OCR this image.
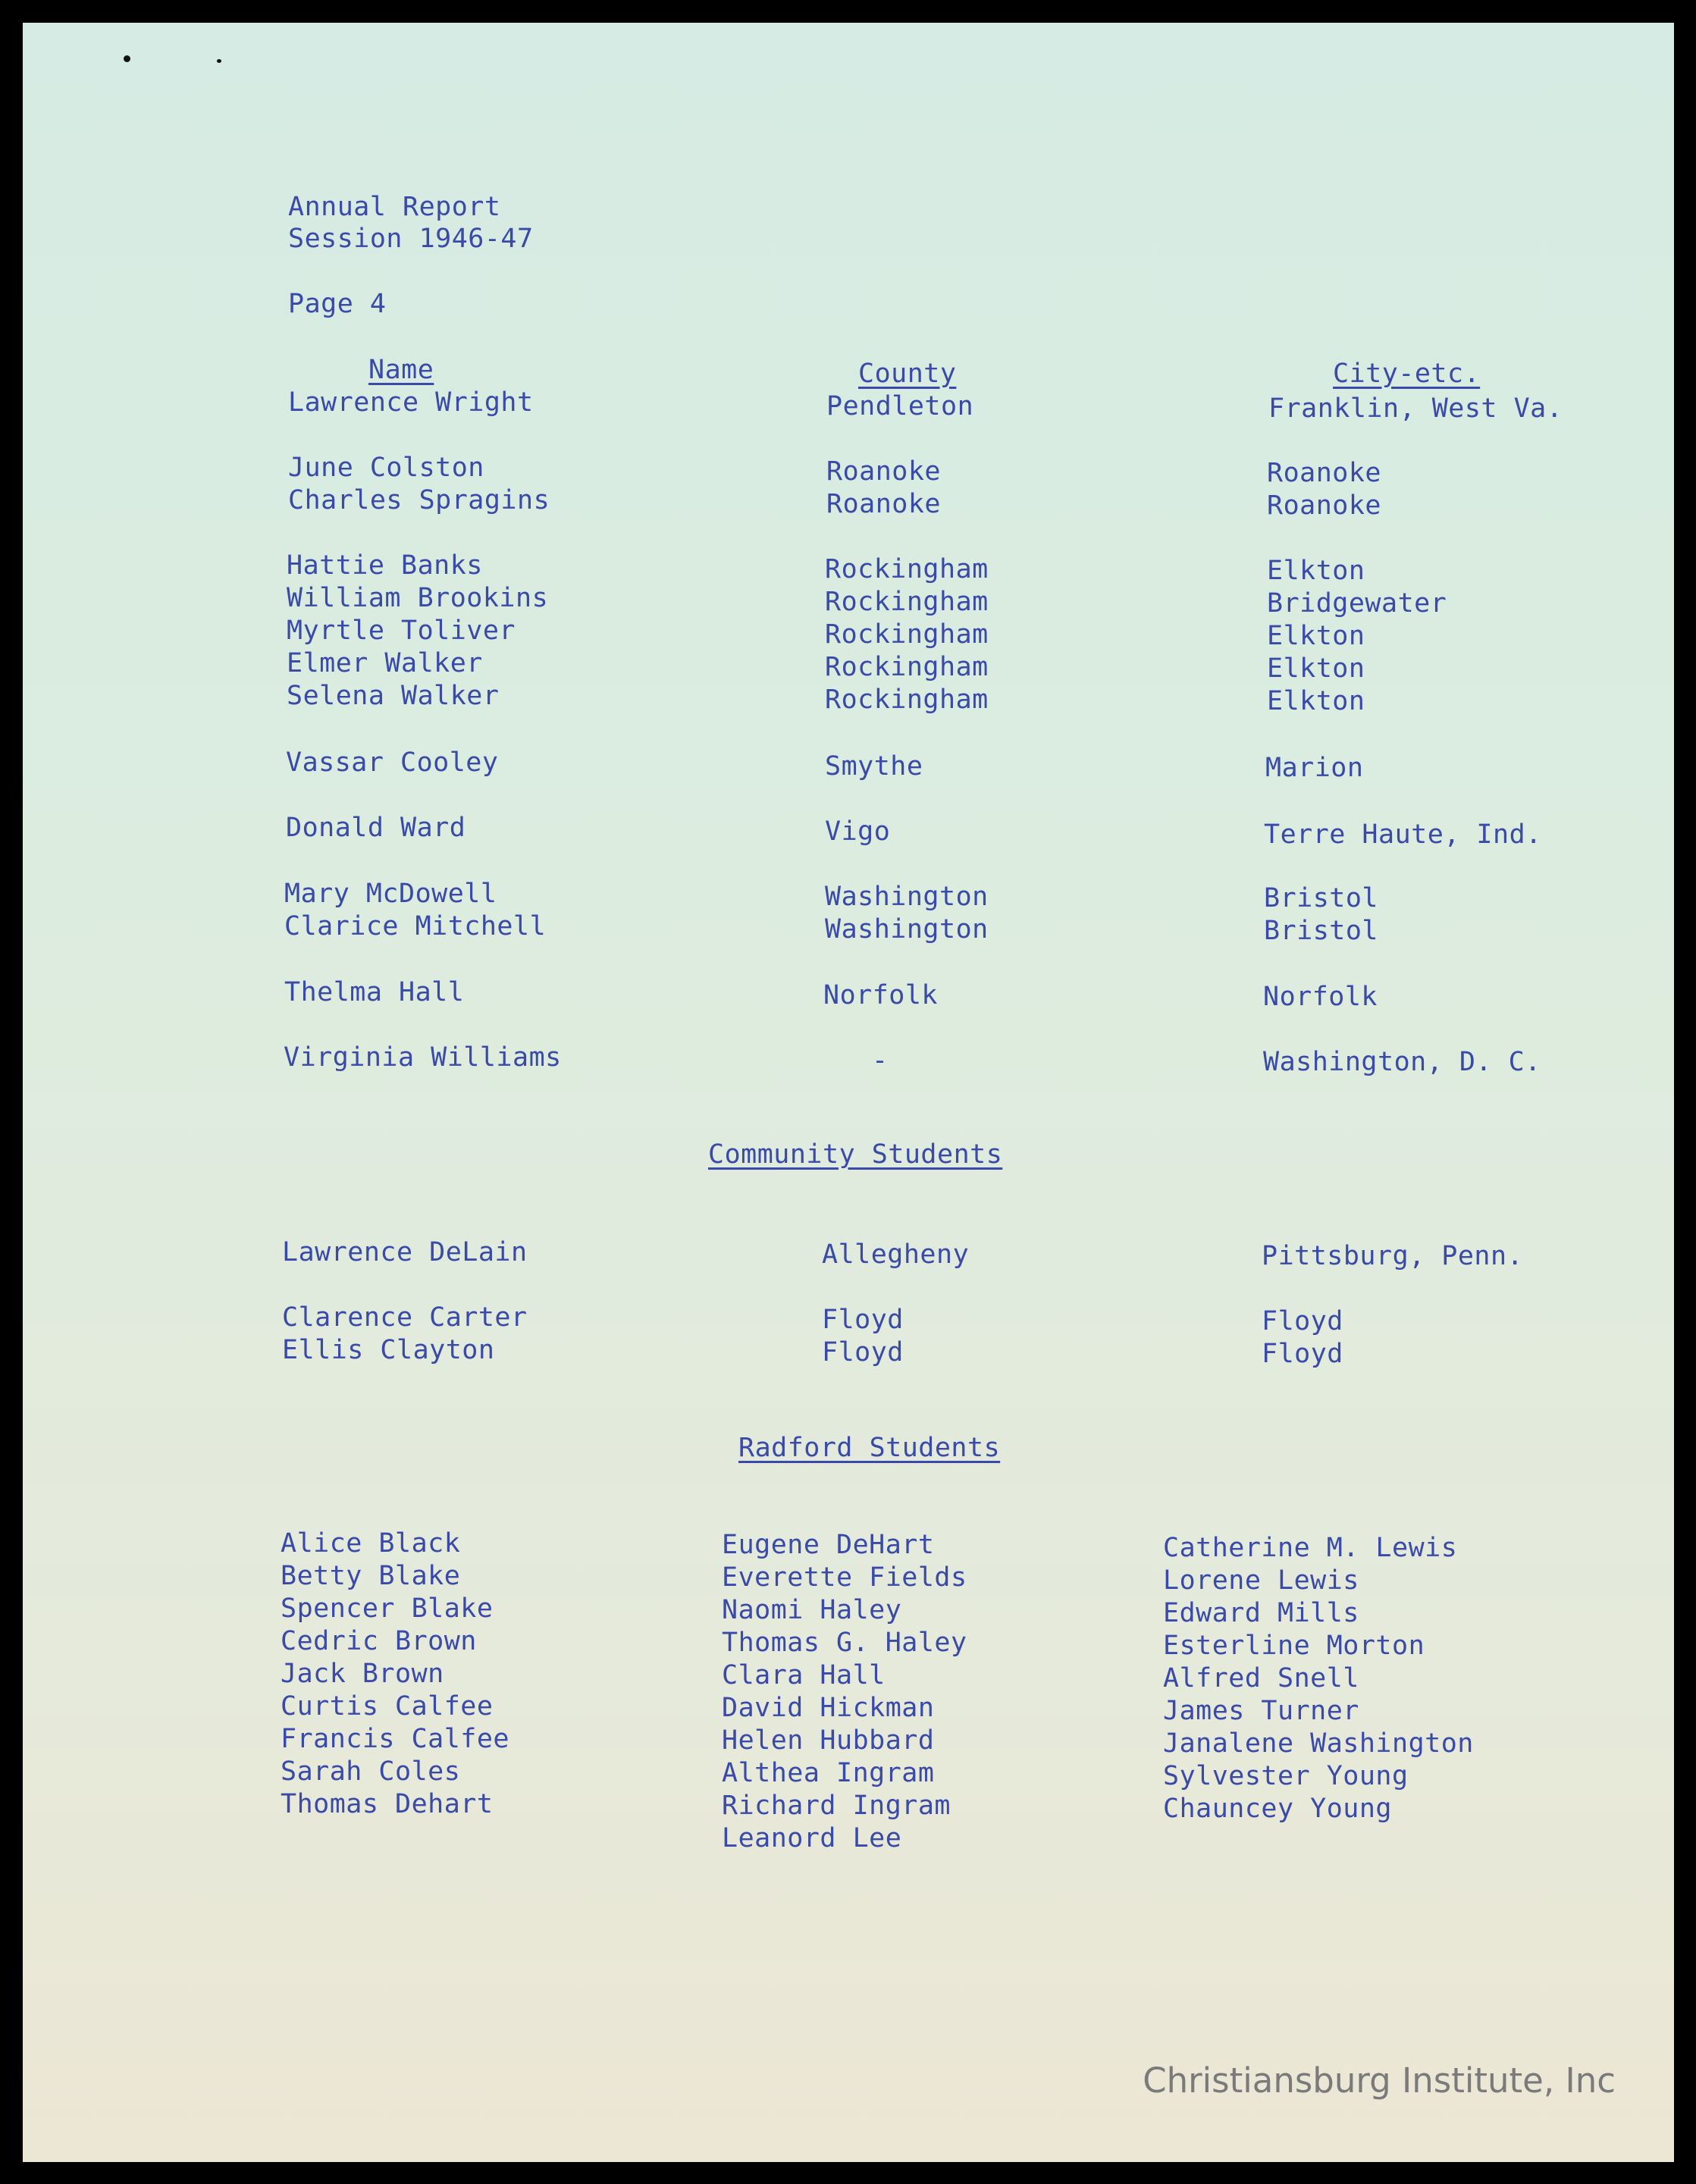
Annual Report
Session 1946-47
Page 4
Name	County	City-etc.
Lawrence Wright	Pendleton	Franklin, West Va.
June Colston	Roanoke	Roanoke
Charles Spragins	Roanoke	Roanoke
Hattie Banks	Rockingham	Elkton
William Brookins	Rockingham	Bridgewater
Myrtle Toliver	Rockingham	Elkton
Elmer Walker	Rockingham	Elkton
Selena Walker	Rockingham	Elkton
Vassar Cooley	Smythe	Marion
Donald Ward	Vigo	Terre Haute, Ind.
Mary McDowell	Washington	Bristol
Clarice Mitchell	Washington	Bristol
Thelma Hall	Norfolk	Norfolk
Virginia Williams	-	Washington, D. C.
Community Students
Lawrence DeLain	Allegheny	Pittsburg, Penn.
Clarence Carter	Floyd	Floyd
Ellis Clayton	Floyd	Floyd
Radford Students
Alice Black
Betty Blake
Spencer Blake
Cedric Brown
Jack Brown
Curtis Calfee
Francis Calfee
Sarah Coles
Thomas Dehart
Eugene DeHart
Everette Fields
Naomi Haley
Thomas G. Haley
Clara Hall
David Hickman
Helen Hubbard
Althea Ingram
Richard Ingram
Leanord Lee
Catherine M. Lewis
Lorene Lewis
Edward Mills
Esterline Morton
Alfred Snell
James Turner
Janalene Washington
Sylvester Young
Chauncey Young
Christiansburg Institute, Inc
